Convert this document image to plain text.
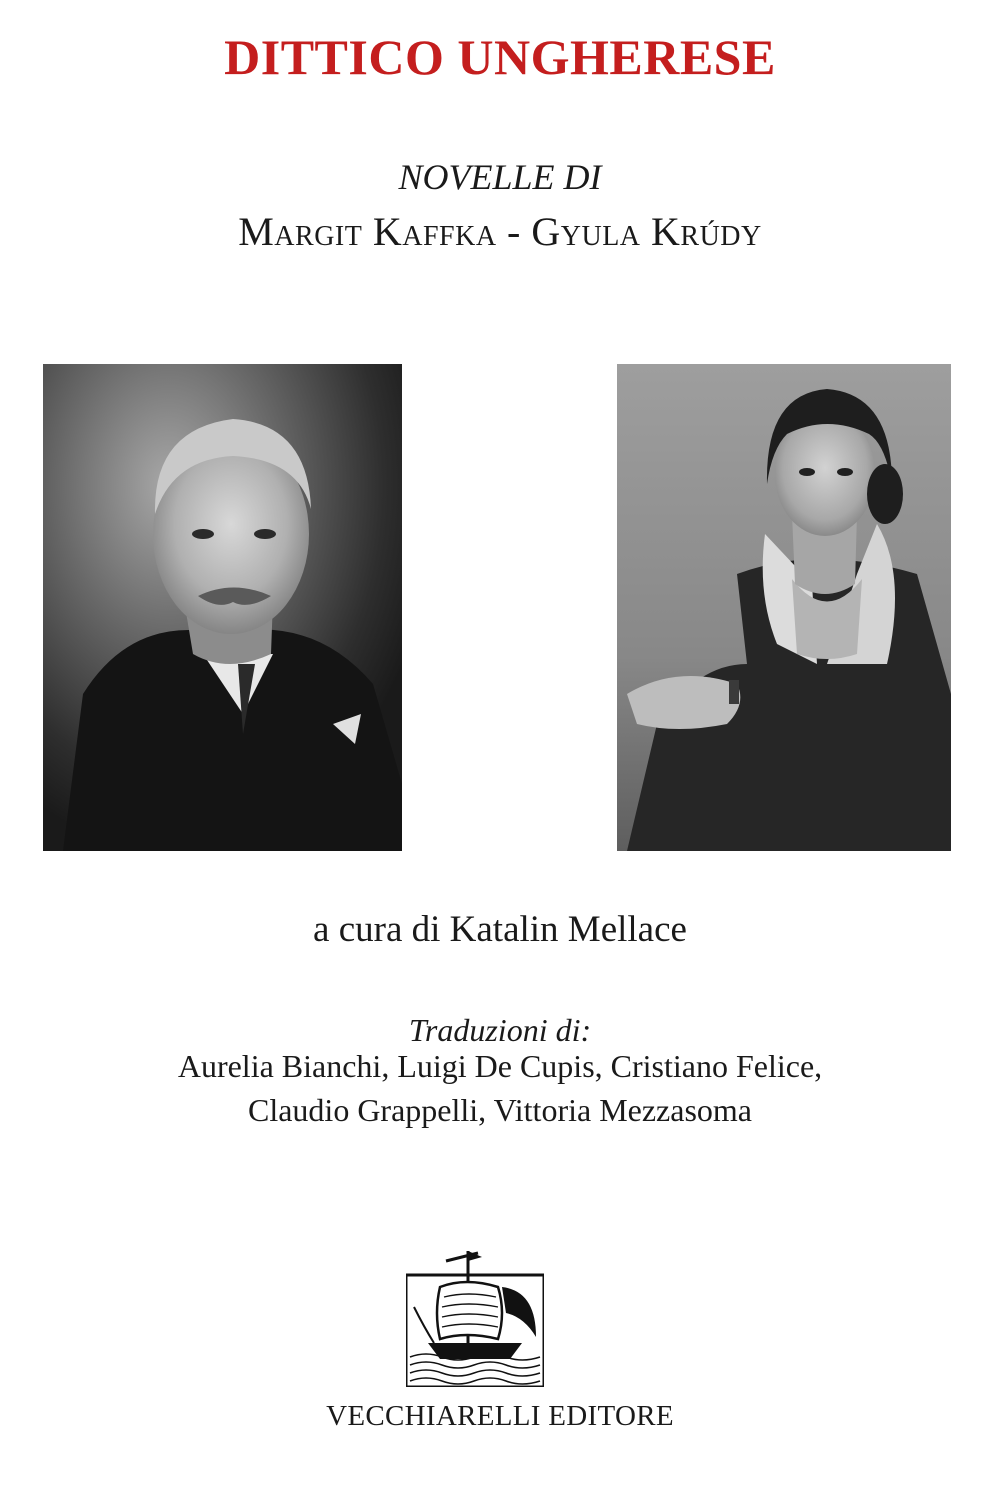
DITTICO UNGHERESE
NOVELLE DI
Margit Kaffka - Gyula Krúdy
a cura di Katalin Mellace
Traduzioni di:
Aurelia Bianchi, Luigi De Cupis, Cristiano Felice,
Claudio Grappelli, Vittoria Mezzasoma
VECCHIARELLI EDITORE
